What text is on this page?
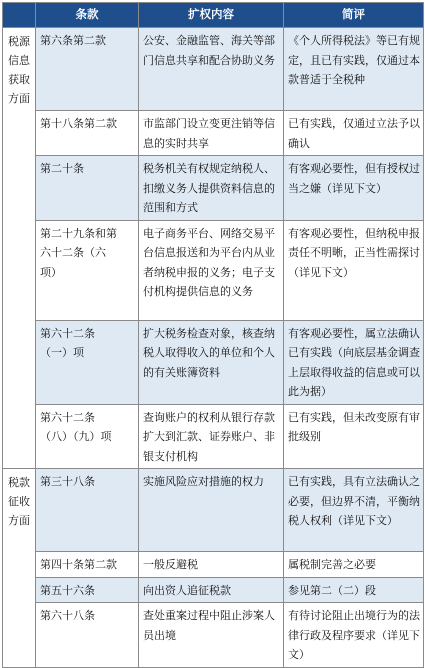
	条款	扩权内容	简评
税源信息获取方面	第六条第二款	公安、金融监管、海关等部门信息共享和配合协助义务	《个人所得税法》等已有规定，且已有实践，仅通过本款普适于全税种
	第十八条第二款	市监部门设立变更注销等信息的实时共享	已有实践，仅通过立法予以确认
	第二十条	税务机关有权规定纳税人、扣缴义务人提供资料信息的范围和方式	有客观必要性，但有授权过当之嫌（详见下文）
	第二十九条和第
六十二条（六
项）	电子商务平台、网络交易平台信息报送和为平台内从业者纳税申报的义务；电子支付机构提供信息的义务	有客观必要性，但纳税申报责任不明晰，正当性需探讨（详见下文）
	第六十二条
（一）项	扩大税务检查对象，核查纳税人取得收入的单位和个人的有关账簿资料	有客观必要性，属立法确认已有实践（向底层基金调查上层取得收益的信息或可以此为据）
	第六十二条
（八）（九）项	查询账户的权利从银行存款扩大到汇款、证券账户、非银支付机构	已有实践，但未改变原有审批级别
税款征收方面	第三十八条	实施风险应对措施的权力	已有实践，具有立法确认之必要，但边界不清，平衡纳税人权利（详见下文）
	第四十条第二款	一般反避税	属税制完善之必要
	第五十六条	向出资人追征税款	参见第二（二）段
	第六十八条	查处重案过程中阻止涉案人员出境	有待讨论阻止出境行为的法律行政及程序要求（详见下文）
